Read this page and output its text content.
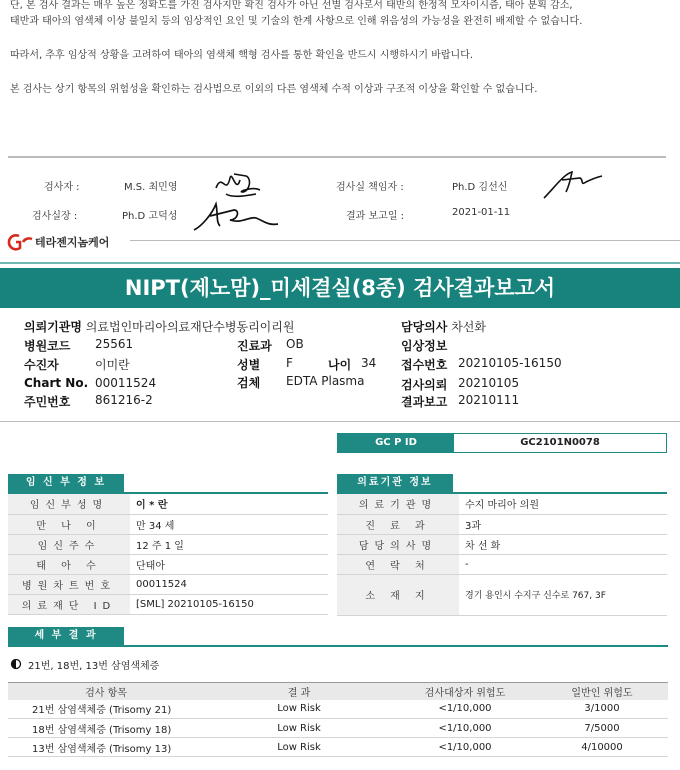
단, 본 검사 결과는 매우 높은 정확도를 가진 검사지만 확진 검사가 아닌 선별 검사로서 태반의 한정적 모자이시즘, 태아 분획 감소,
태반과 태아의 염색체 이상 불일치 등의 임상적인 요인 및 기술의 한계 사항으로 인해 위음성의 가능성을 완전히 배제할 수 없습니다.
따라서, 추후 임상적 상황을 고려하여 태아의 염색체 핵형 검사를 통한 확인을 반드시 시행하시기 바랍니다.
본 검사는 상기 항목의 위험성을 확인하는 검사법으로 이외의 다른 염색체 수적 이상과 구조적 이상을 확인할 수 없습니다.
검사자 :	M.S. 최민영	검사실 책임자 :	Ph.D 김선신
검사실장 :	Ph.D 고덕성	결과 보고일 :	2021-01-11
테라젠지놈케어
NIPT(제노맘)_미세결실(8종) 검사결과보고서
의뢰기관명 의료법인마리아의료재단수병동리이리원
병원코드 25561	진료과 OB
수진자	이미란	성별 F	나이 34
Chart No. 00011524	검체 EDTA Plasma
주민번호 861216-2
담당의사 차선화
임상정보
접수번호 20210105-16150
검사의뢰 20210105
결과보고 20210111
GC P ID	GC2101N0078
임 신 부 정 보
임신부성명	이 * 란
만 나 이	만 34 세
임신주수	12 주 1 일
태 아 수	단태아
병원차트번호	00011524
의료재단 ID	[SML] 20210105-16150
의료기관 정보
의료기관명	수지 마리아 의원
진 료 과	3과
담당의사명	차 선 화
연 락 처	-
소 재 지	경기 용인시 수지구 신수로 767, 3F
세 부 결 과
21번, 18번, 13번 삼염색체증
검사 항목	결 과	검사대상자 위험도	일반인 위험도
21번 삼염색체증 (Trisomy 21)	Low Risk	<1/10,000	3/1000
18번 삼염색체증 (Trisomy 18)	Low Risk	<1/10,000	7/5000
13번 삼염색체증 (Trisomy 13)	Low Risk	<1/10,000	4/10000
